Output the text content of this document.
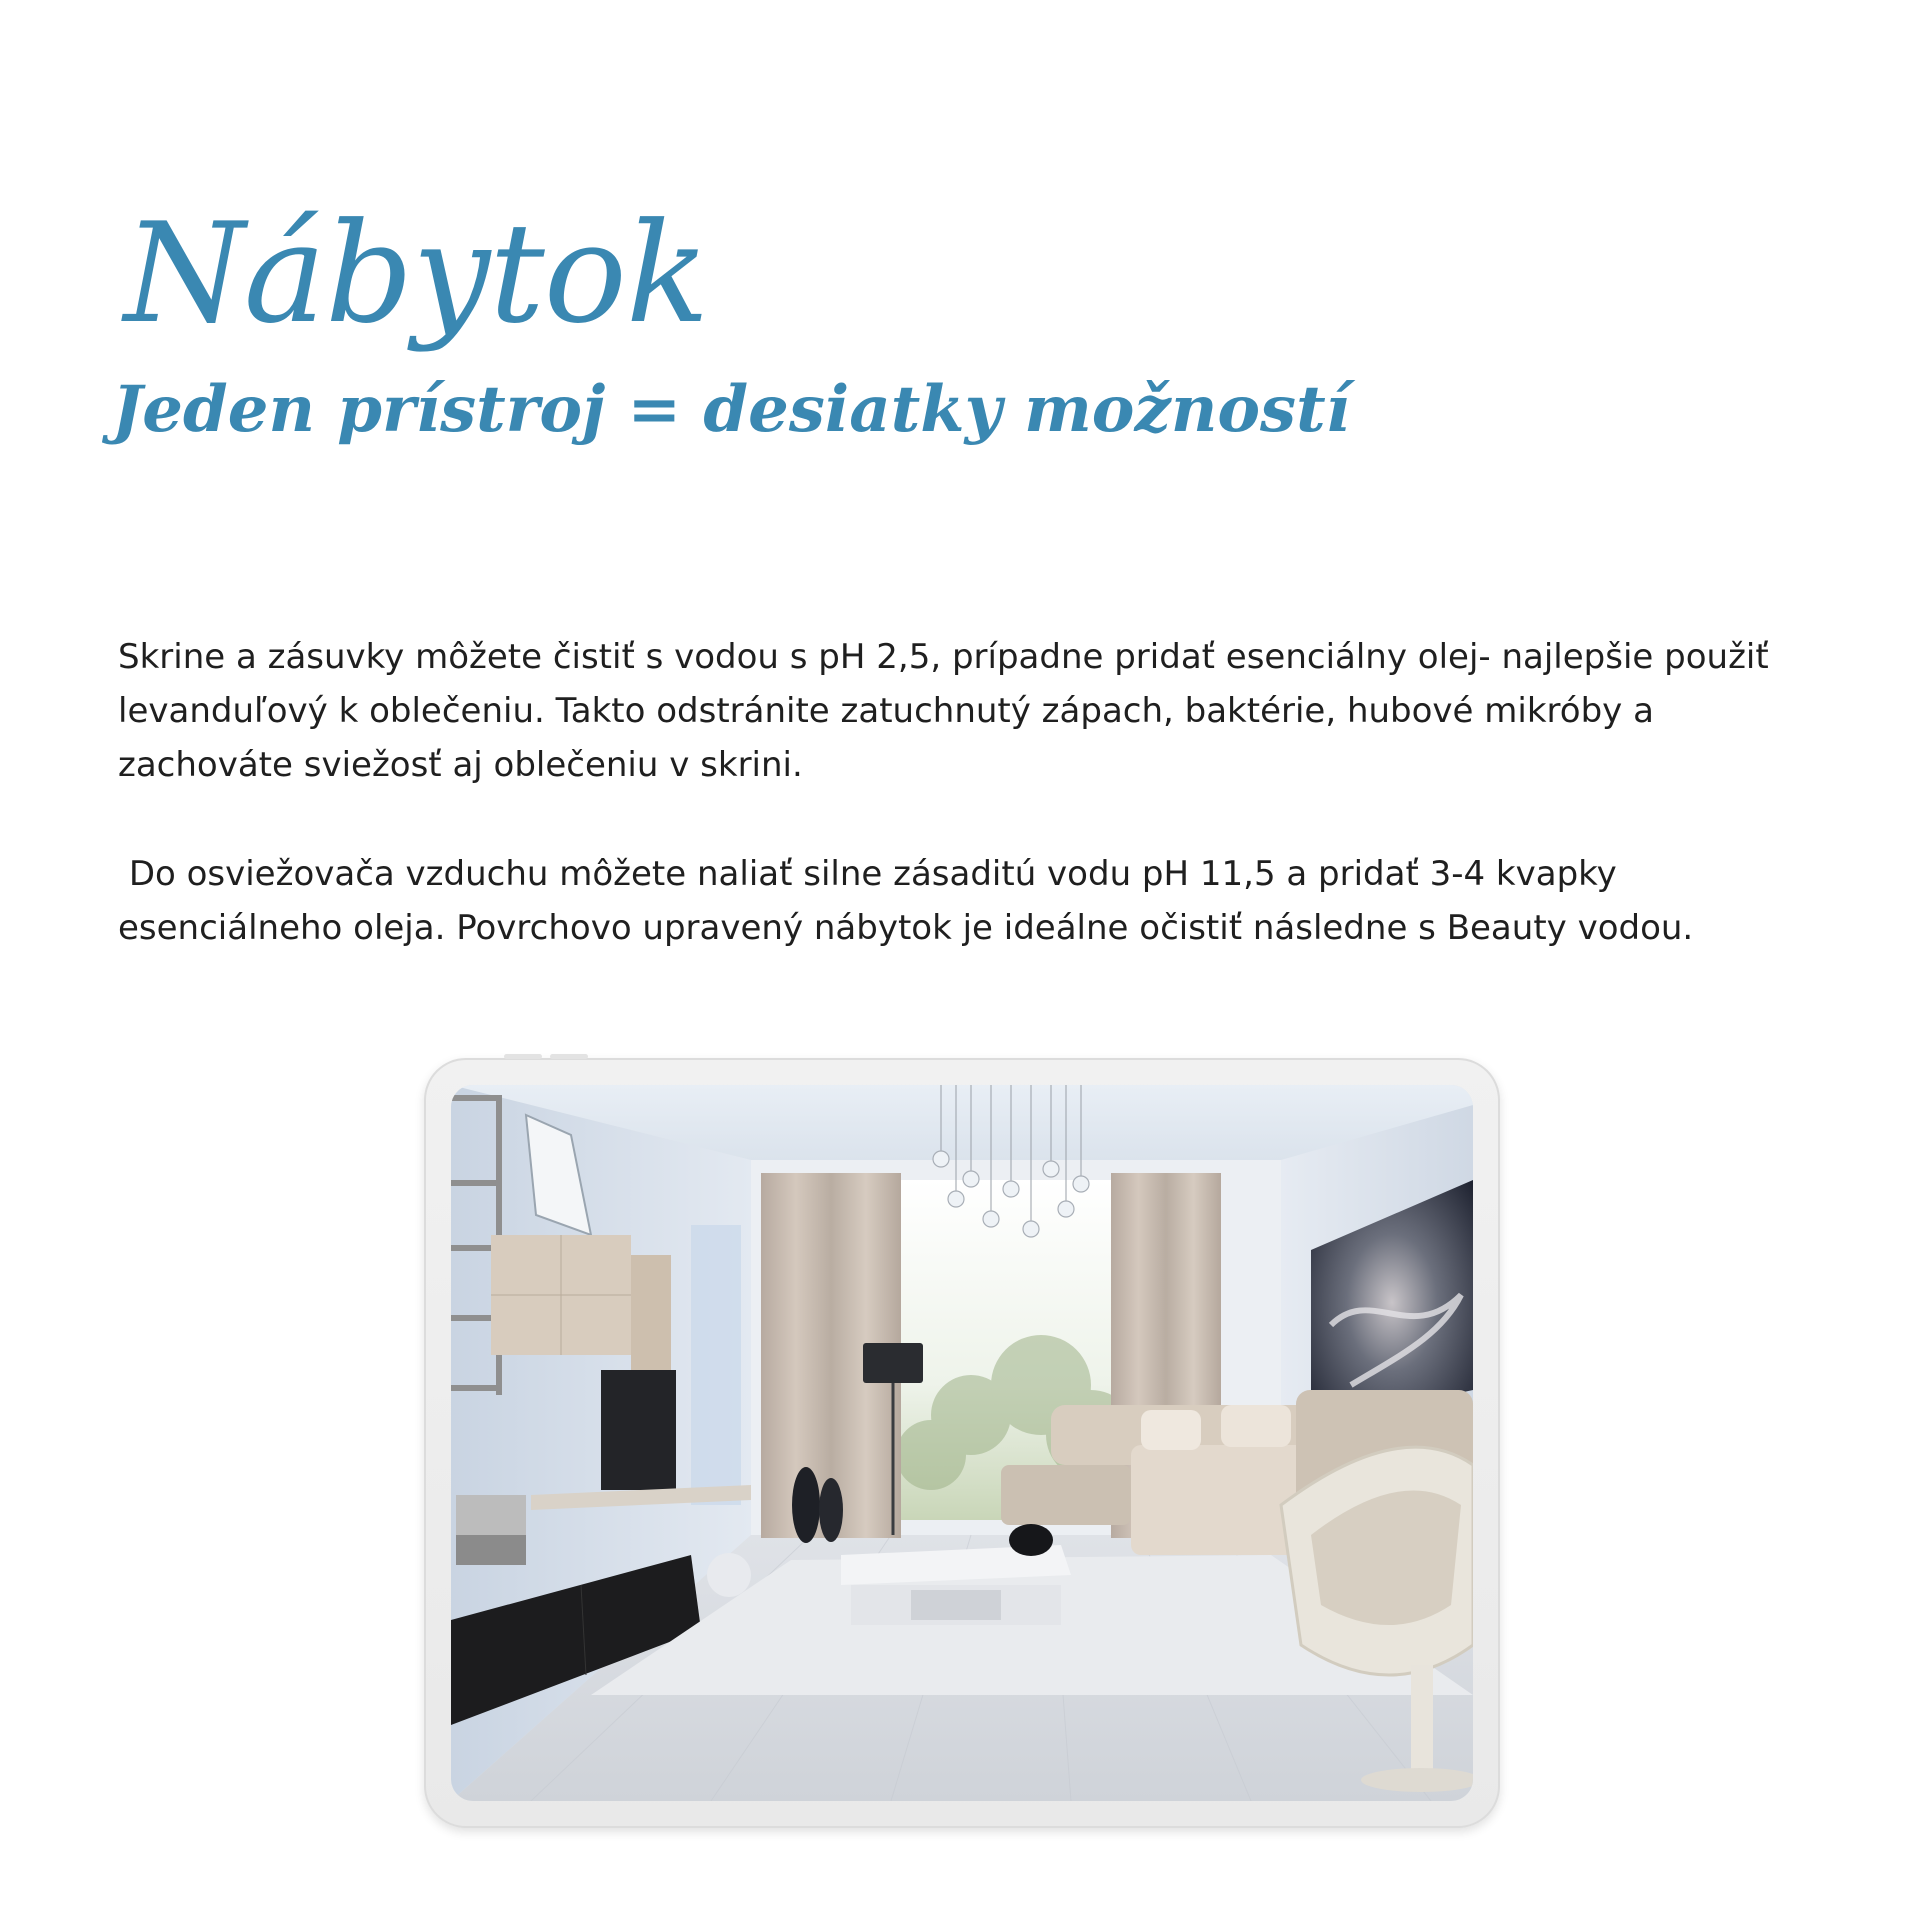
Nábytok
Jeden prístroj = desiatky možností

Skrine a zásuvky môžete čistiť s vodou s pH 2,5, prípadne pridať esenciálny olej- najlepšie použiť levanduľový k oblečeniu. Takto odstránite zatuchnutý zápach, baktérie, hubové mikróby a zachováte sviežosť aj oblečeniu v skrini.

Do osviežovača vzduchu môžete naliať silne zásaditú vodu pH 11,5 a pridať 3-4 kvapky esenciálneho oleja. Povrchovo upravený nábytok je ideálne očistiť následne s Beauty vodou.
